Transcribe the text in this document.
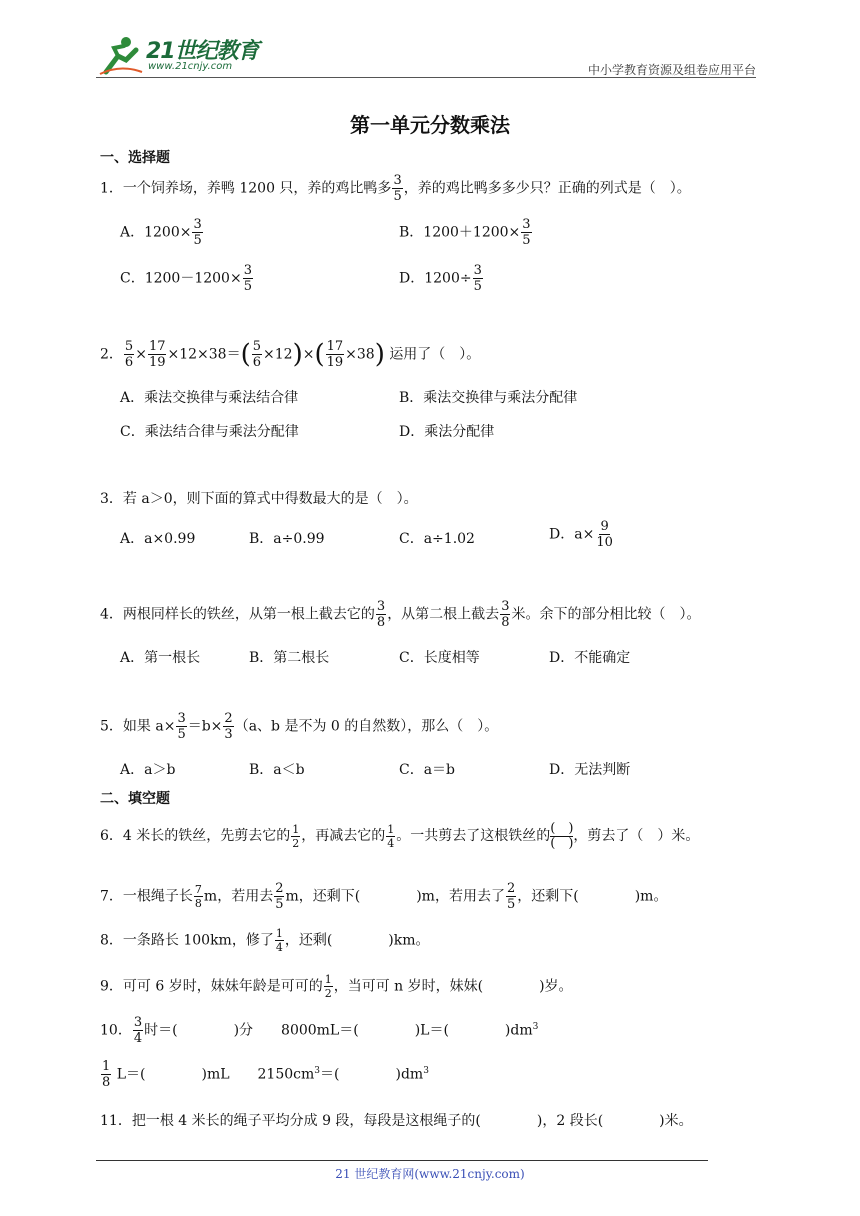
21世纪教育
www.21cnjy.com	中小学教育资源及组卷应用平台
第一单元分数乘法
一、选择题
1．一个饲养场，养鸭 1200 只，养的鸡比鸭多 $\frac{3}{5}$ ，养的鸡比鸭多多少只？正确的列式是（　）。
A．$1200\times \frac{3}{5}$	B．$1200+1200\times \frac{3}{5}$
C．$1200-1200\times \frac{3}{5}$	D．$1200\div \frac{3}{5}$
2． $\frac{5}{6} \times \frac{17}{19} \times 12\times 38=( \frac{5}{6} \times 12)\times( \frac{17}{19} \times 38)$ 运用了（　）。
A．乘法交换律与乘法结合律	B．乘法交换律与乘法分配律
C．乘法结合律与乘法分配律	D．乘法分配律
3．若 a＞0，则下面的算式中得数最大的是（　）。
A．a×0.99	B．a÷0.99	C．a÷1.02	D．$a\times \frac{9}{10}$
4．两根同样长的铁丝，从第一根上截去它的 $\frac{3}{8}$ ，从第二根上截去 $\frac{3}{8}$ 米。余下的部分相比较（　）。
A．第一根长	B．第二根长	C．长度相等	D．不能确定
5．如果 $a\times \frac{3}{5} =b\times \frac{2}{3} (a$、b 是不为 0 的自然数），那么（　）。
A．a＞b	B．a＜b	C．a＝b	D．无法判断
二、填空题
6．4 米长的铁丝，先剪去它的 $\frac{1}{2}$ ，再减去它的 $\frac{1}{4}$ 。一共剪去了这根铁丝的 (　)
(　) ，剪去了（　）米。
7．一根绳子长 $\frac{7}{8}$ m，若用去 $\frac{2}{5}$ m，还剩下(　　　　)m，若用去了 $\frac{2}{5}$ ，还剩下(　　　　)m。
8．一条路长 100km，修了 $\frac{1}{4}$ ，还剩(　　　　)km。
9．可可 6 岁时，妹妹年龄是可可的 $\frac{1}{2}$ ，当可可 n 岁时，妹妹(　　　　)岁。
10． $\frac{3}{4}$ 时＝(　　　　)分　　8000mL＝(　　　　)L＝(　　　　)$dm^3$
$\frac{1}{8} L=$(　　　　)mL　　$2150cm^3=$(　　　　)$dm^3$
11．把一根 4 米长的绳子平均分成 9 段，每段是这根绳子的(　　　　)，2 段长(　　　　)米。
21 世纪教育网(www.21cnjy.com)
